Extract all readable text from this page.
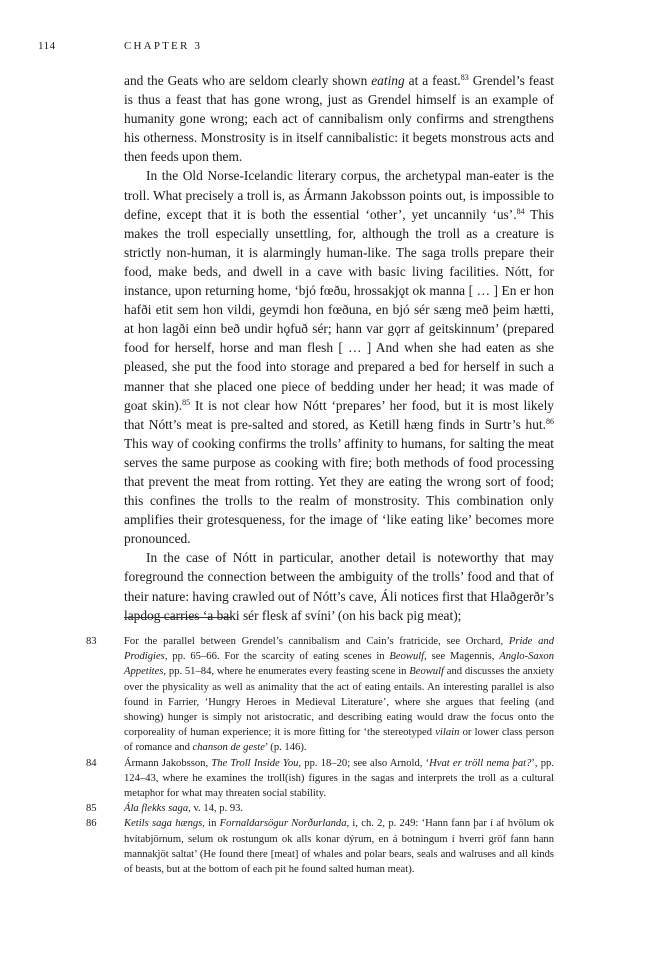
114	CHAPTER 3

and the Geats who are seldom clearly shown eating at a feast.$^{83}$ Grendel’s feast is thus a feast that has gone wrong, just as Grendel himself is an example of humanity gone wrong; each act of cannibalism only confirms and strengthens his otherness. Monstrosity is in itself cannibalistic: it begets monstrous acts and then feeds upon them.

In the Old Norse-Icelandic literary corpus, the archetypal man-eater is the troll. What precisely a troll is, as Ármann Jakobsson points out, is impossible to define, except that it is both the essential ‘other’, yet uncannily ‘us’.$^{84}$ This makes the troll especially unsettling, for, although the troll as a creature is strictly non-human, it is alarmingly human-like. The saga trolls prepare their food, make beds, and dwell in a cave with basic living facilities. Nótt, for instance, upon returning home, ‘bjó fœðu, hrossakjǫt ok manna [ … ] En er hon hafði etit sem hon vildi, geymdi hon fœðuna, en bjó sér sæng með þeim hætti, at hon lagði einn beð undir hǫfuð sér; hann var gǫrr af geitskinnum’ (prepared food for herself, horse and man flesh [ … ] And when she had eaten as she pleased, she put the food into storage and prepared a bed for herself in such a manner that she placed one piece of bedding under her head; it was made of goat skin).$^{85}$ It is not clear how Nótt ‘prepares’ her food, but it is most likely that Nótt’s meat is pre-salted and stored, as Ketill hæng finds in Surtr’s hut.$^{86}$ This way of cooking confirms the trolls’ affinity to humans, for salting the meat serves the same purpose as cooking with fire; both methods of food processing that prevent the meat from rotting. Yet they are eating the wrong sort of food; this confines the trolls to the realm of monstrosity. This combination only amplifies their grotesqueness, for the image of ‘like eating like’ becomes more pronounced.

In the case of Nótt in particular, another detail is noteworthy that may foreground the connection between the ambiguity of the trolls’ food and that of their nature: having crawled out of Nótt’s cave, Áli notices first that Hlaðgerðr’s lapdog carries ‘a baki sér flesk af svíni’ (on his back pig meat);

83	For the parallel between Grendel’s cannibalism and Cain’s fratricide, see Orchard, Pride and Prodigies, pp. 65–66. For the scarcity of eating scenes in Beowulf, see Magennis, Anglo-Saxon Appetites, pp. 51–84, where he enumerates every feasting scene in Beowulf and discusses the anxiety over the physicality as well as animality that the act of eating entails. An interesting parallel is also found in Farrier, ‘Hungry Heroes in Medieval Literature’, where she argues that feeling (and showing) hunger is simply not aristocratic, and describing eating would draw the focus onto the corporeality of human experience; it is more fitting for ‘the stereotyped vilain or lower class person of romance and chanson de geste’ (p. 146).
84	Ármann Jakobsson, The Troll Inside You, pp. 18–20; see also Arnold, ‘Hvat er tröll nema þat?’, pp. 124–43, where he examines the troll(ish) figures in the sagas and interprets the troll as a cultural metaphor for what may threaten social stability.
85	Ála flekks saga, v. 14, p. 93.
86	Ketils saga hængs, in Fornaldarsögur Norðurlanda, i, ch. 2, p. 249: ‘Hann fann þar í af hvölum ok hvítabjörnum, selum ok rostungum ok alls konar dýrum, en á botningum í hverri gröf fann hann mannakjöt saltat’ (He found there [meat] of whales and polar bears, seals and walruses and all kinds of beasts, but at the bottom of each pit he found salted human meat).
